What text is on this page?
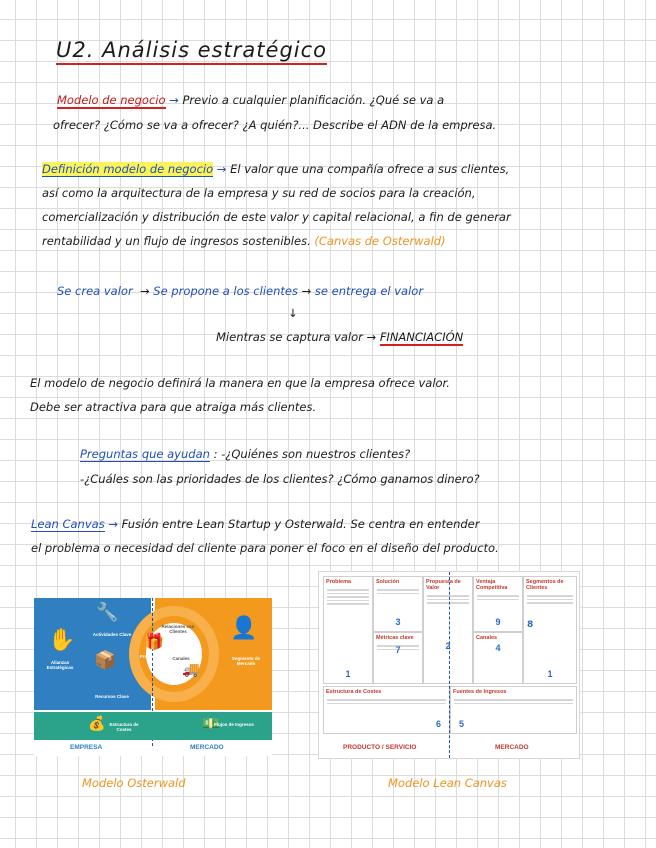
U2. Análisis estratégico
Modelo de negocio → Previo a cualquier planificación. ¿Qué se va a
ofrecer? ¿Cómo se va a ofrecer? ¿A quién?... Describe el ADN de la empresa.
Definición modelo de negocio → El valor que una compañía ofrece a sus clientes,
así como la arquitectura de la empresa y su red de socios para la creación,
comercialización y distribución de este valor y capital relacional, a fin de generar
rentabilidad y un flujo de ingresos sostenibles. (Canvas de Osterwald)
Se crea valor  → Se propone a los clientes → se entrega el valor
↓
Mientras se captura valor → FINANCIACIÓN
El modelo de negocio definirá la manera en que la empresa ofrece valor.
Debe ser atractiva para que atraiga más clientes.
Preguntas que ayudan : -¿Quiénes son nuestros clientes?
-¿Cuáles son las prioridades de los clientes? ¿Cómo ganamos dinero?
Lean Canvas → Fusión entre Lean Startup y Osterwald. Se centra en entender
el problema o necesidad del cliente para poner el foco en el diseño del producto.
✋
🔧
📦
🎁
👤
🚚
💰	💵
Alianzas Estratégicas
Actividades Clave
Recursos Clave
Propuesta de Valor
Relaciones con Clientes
Canales	Segmento de Mercado
Estructura de Costes
Flujos de Ingresos
EMPRESA	MERCADO
Problema
1
Solución
3
Métricas clave
7
Propuesta de Valor
2
Ventaja Competitiva
9
Canales
4
Segmentos de Clientes
1
8
Estructura de Costes
6
Fuentes de Ingresos
5
PRODUCTO / SERVICIO	MERCADO
Modelo Osterwald	Modelo Lean Canvas
